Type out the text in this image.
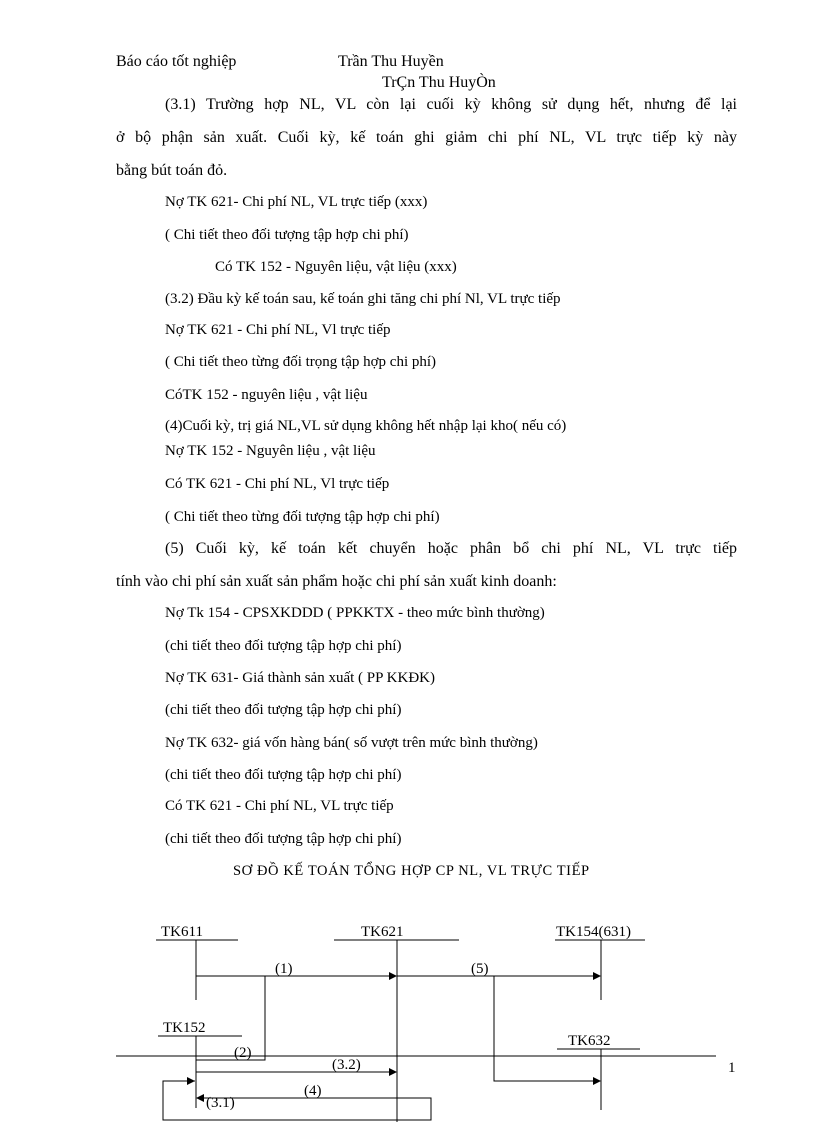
Báo cáo tốt nghiệp	Trần Thu Huyền
TrÇn Thu HuyÒn
(3.1) Trường hợp NL, VL còn lại cuối kỳ không sử dụng hết, nhưng để lại
ở bộ phận sản xuất. Cuối kỳ, kế toán ghi giảm chi phí NL, VL trực tiếp kỳ này
bằng bút toán đỏ.
Nợ TK 621- Chi phí NL, VL trực tiếp (xxx)
( Chi tiết theo đối tượng tập hợp chi phí)
Có TK 152 - Nguyên liệu, vật liệu (xxx)
(3.2) Đầu kỳ kế toán sau, kế toán ghi tăng chi phí Nl, VL trực tiếp
Nợ TK 621 - Chi phí NL, Vl trực tiếp
( Chi tiết theo từng đối trọng tập hợp chi phí)
CóTK 152 - nguyên liệu , vật liệu
(4)Cuối kỳ, trị giá NL,VL sử dụng không hết nhập lại kho( nếu có)
Nợ TK 152 - Nguyên liệu , vật liệu
Có TK 621 - Chi phí NL, Vl trực tiếp
( Chi tiết theo từng đối tượng tập hợp chi phí)
(5) Cuối kỳ, kế toán kết chuyển hoặc phân bổ chi phí NL, VL trực tiếp
tính vào chi phí sản xuất sản phẩm hoặc chi phí sản xuất kinh doanh:
Nợ Tk 154 - CPSXKDDD ( PPKKTX - theo mức bình thường)
(chi tiết theo đối tượng tập hợp chi phí)
Nợ TK 631- Giá thành sản xuất ( PP KKĐK)
(chi tiết theo đối tượng tập hợp chi phí)
Nợ TK 632- giá vốn hàng bán( số vượt trên mức bình thường)
(chi tiết theo đối tượng tập hợp chi phí)
Có TK 621 - Chi phí NL, VL trực tiếp
(chi tiết theo đối tượng tập hợp chi phí)
SƠ ĐỒ KẾ TOÁN TỔNG HỢP CP NL, VL TRỰC TIẾP
TK611	TK621	TK154(631)
TK152
TK632
(1)	(5)
(2)
(3.2)
(4)
(3.1)
1
